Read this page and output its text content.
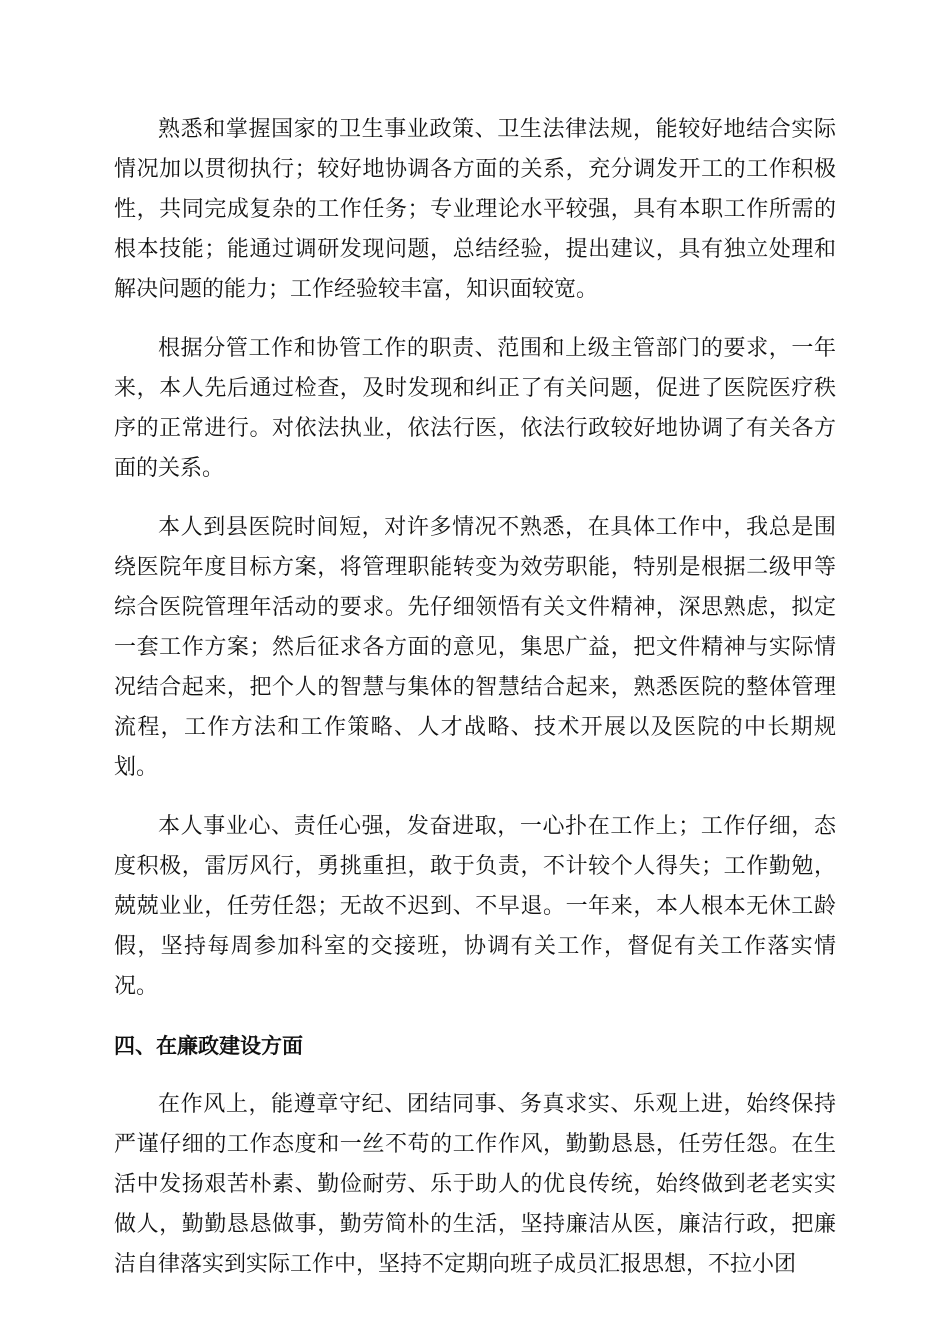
熟悉和掌握国家的卫生事业政策、卫生法律法规，能较好地结合实际情况加以贯彻执行；较好地协调各方面的关系，充分调发开工的工作积极性，共同完成复杂的工作任务；专业理论水平较强，具有本职工作所需的根本技能；能通过调研发现问题，总结经验，提出建议，具有独立处理和解决问题的能力；工作经验较丰富，知识面较宽。

根据分管工作和协管工作的职责、范围和上级主管部门的要求，一年来，本人先后通过检查，及时发现和纠正了有关问题，促进了医院医疗秩序的正常进行。对依法执业，依法行医，依法行政较好地协调了有关各方面的关系。

本人到县医院时间短，对许多情况不熟悉，在具体工作中，我总是围绕医院年度目标方案，将管理职能转变为效劳职能，特别是根据二级甲等综合医院管理年活动的要求。先仔细领悟有关文件精神，深思熟虑，拟定一套工作方案；然后征求各方面的意见，集思广益，把文件精神与实际情况结合起来，把个人的智慧与集体的智慧结合起来，熟悉医院的整体管理流程，工作方法和工作策略、人才战略、技术开展以及医院的中长期规划。

本人事业心、责任心强，发奋进取，一心扑在工作上；工作仔细，态度积极，雷厉风行，勇挑重担，敢于负责，不计较个人得失；工作勤勉，兢兢业业，任劳任怨；无故不迟到、不早退。一年来，本人根本无休工龄假，坚持每周参加科室的交接班，协调有关工作，督促有关工作落实情况。

四、在廉政建设方面

在作风上，能遵章守纪、团结同事、务真求实、乐观上进，始终保持严谨仔细的工作态度和一丝不苟的工作作风，勤勤恳恳，任劳任怨。在生活中发扬艰苦朴素、勤俭耐劳、乐于助人的优良传统，始终做到老老实实做人，勤勤恳恳做事，勤劳简朴的生活，坚持廉洁从医，廉洁行政，把廉洁自律落实到实际工作中，坚持不定期向班子成员汇报思想，不拉小团
